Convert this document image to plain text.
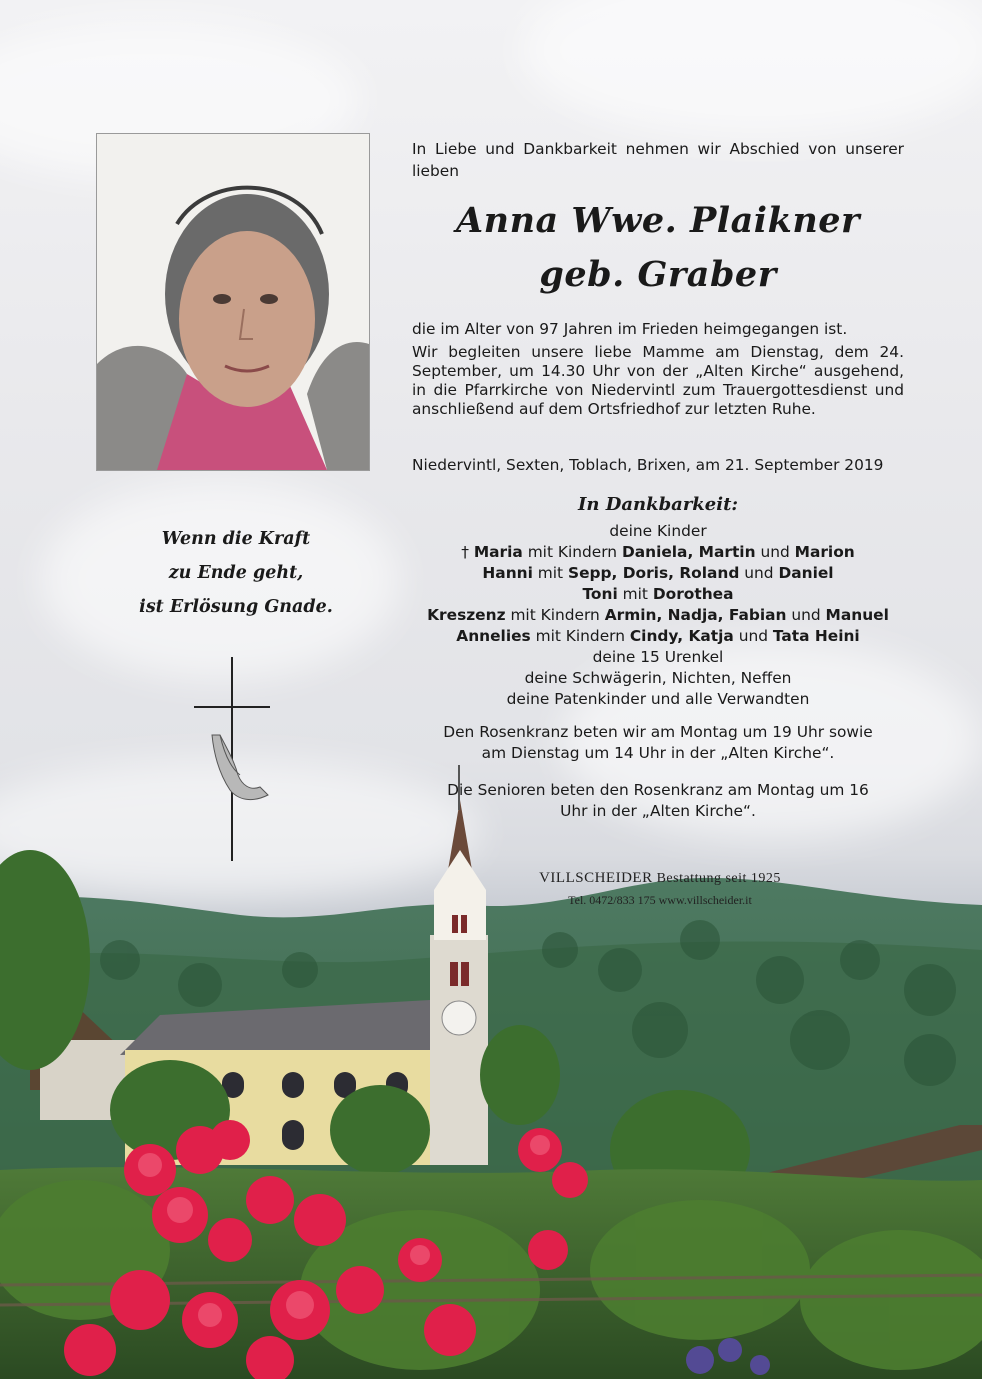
In Liebe und Dankbarkeit nehmen wir Abschied von unserer lieben
Anna Wwe. Plaikner
geb. Graber
die im Alter von 97 Jahren im Frieden heimgegangen ist.
Wir begleiten unsere liebe Mamme am Dienstag, dem 24. September, um 14.30 Uhr von der „Alten Kirche“ ausgehend, in die Pfarrkirche von Niedervintl zum Trauergottesdienst und anschließend auf dem Ortsfriedhof zur letzten Ruhe.
Niedervintl, Sexten, Toblach, Brixen, am 21. September 2019
In Dankbarkeit:
deine Kinder
† Maria mit Kindern Daniela, Martin und Marion
Hanni mit Sepp, Doris, Roland und Daniel
Toni mit Dorothea
Kreszenz mit Kindern Armin, Nadja, Fabian und Manuel
Annelies mit Kindern Cindy, Katja und Tata Heini
deine 15 Urenkel
deine Schwägerin, Nichten, Neffen
deine Patenkinder und alle Verwandten
Den Rosenkranz beten wir am Montag um 19 Uhr sowie am Dienstag um 14 Uhr in der „Alten Kirche“.
Die Senioren beten den Rosenkranz am Montag um 16 Uhr in der „Alten Kirche“.
Wenn die Kraft
zu Ende geht,
ist Erlösung Gnade.
VILLSCHEIDER Bestattung seit 1925
Tel. 0472/833 175 www.villscheider.it
